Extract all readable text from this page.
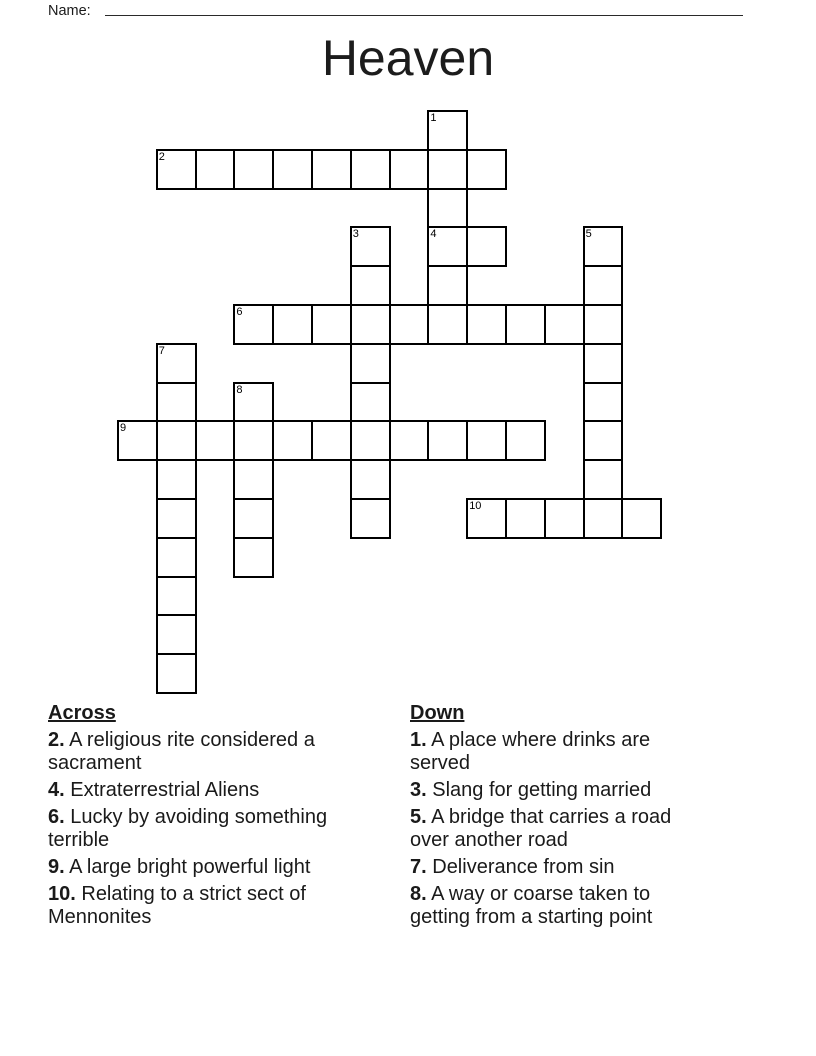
Name:
Heaven
1
4
2
3	5
6
7
8
9
10
Across

2. A religious rite considered a sacrament

4. Extraterrestrial Aliens

6. Lucky by avoiding something terrible

9. A large bright powerful light

10. Relating to a strict sect of Mennonites

Down

1. A place where drinks are served

3. Slang for getting married

5. A bridge that carries a road over another road

7. Deliverance from sin

8. A way or coarse taken to getting from a starting point
